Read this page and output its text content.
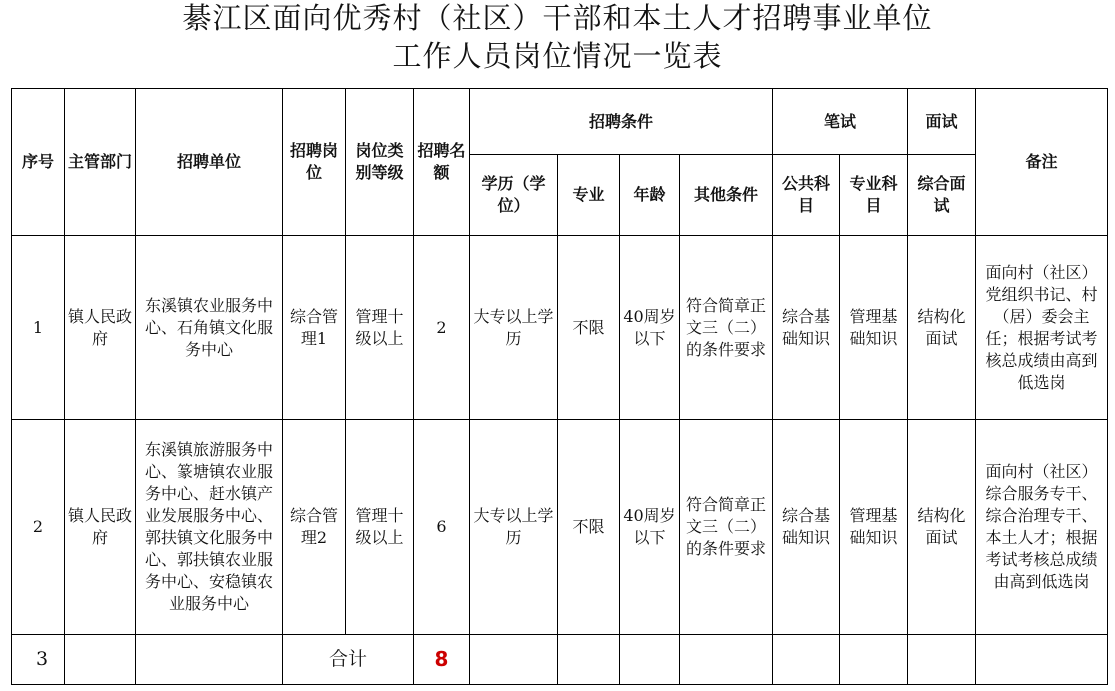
綦江区面向优秀村（社区）干部和本土人才招聘事业单位
工作人员岗位情况一览表
序号	主管部门	招聘单位	招聘岗位	岗位类别等级	招聘名额	招聘条件				笔试		面试	备注
						学历（学位）	专业	年龄	其他条件	公共科目	专业科目	综合面试	
1	镇人民政府	东溪镇农业服务中心、石角镇文化服务中心	综合管理1	管理十级以上	2	大专以上学历	不限	40周岁以下	符合简章正文三（二）的条件要求	综合基础知识	管理基础知识	结构化面试	面向村（社区）党组织书记、村（居）委会主任；根据考试考核总成绩由高到低选岗
2	镇人民政府	东溪镇旅游服务中心、篆塘镇农业服务中心、赶水镇产业发展服务中心、郭扶镇文化服务中心、郭扶镇农业服务中心、安稳镇农业服务中心	综合管理2	管理十级以上	6	大专以上学历	不限	40周岁以下	符合简章正文三（二）的条件要求	综合基础知识	管理基础知识	结构化面试	面向村（社区）综合服务专干、综合治理专干、本土人才；根据考试考核总成绩由高到低选岗
3			合计		8								
